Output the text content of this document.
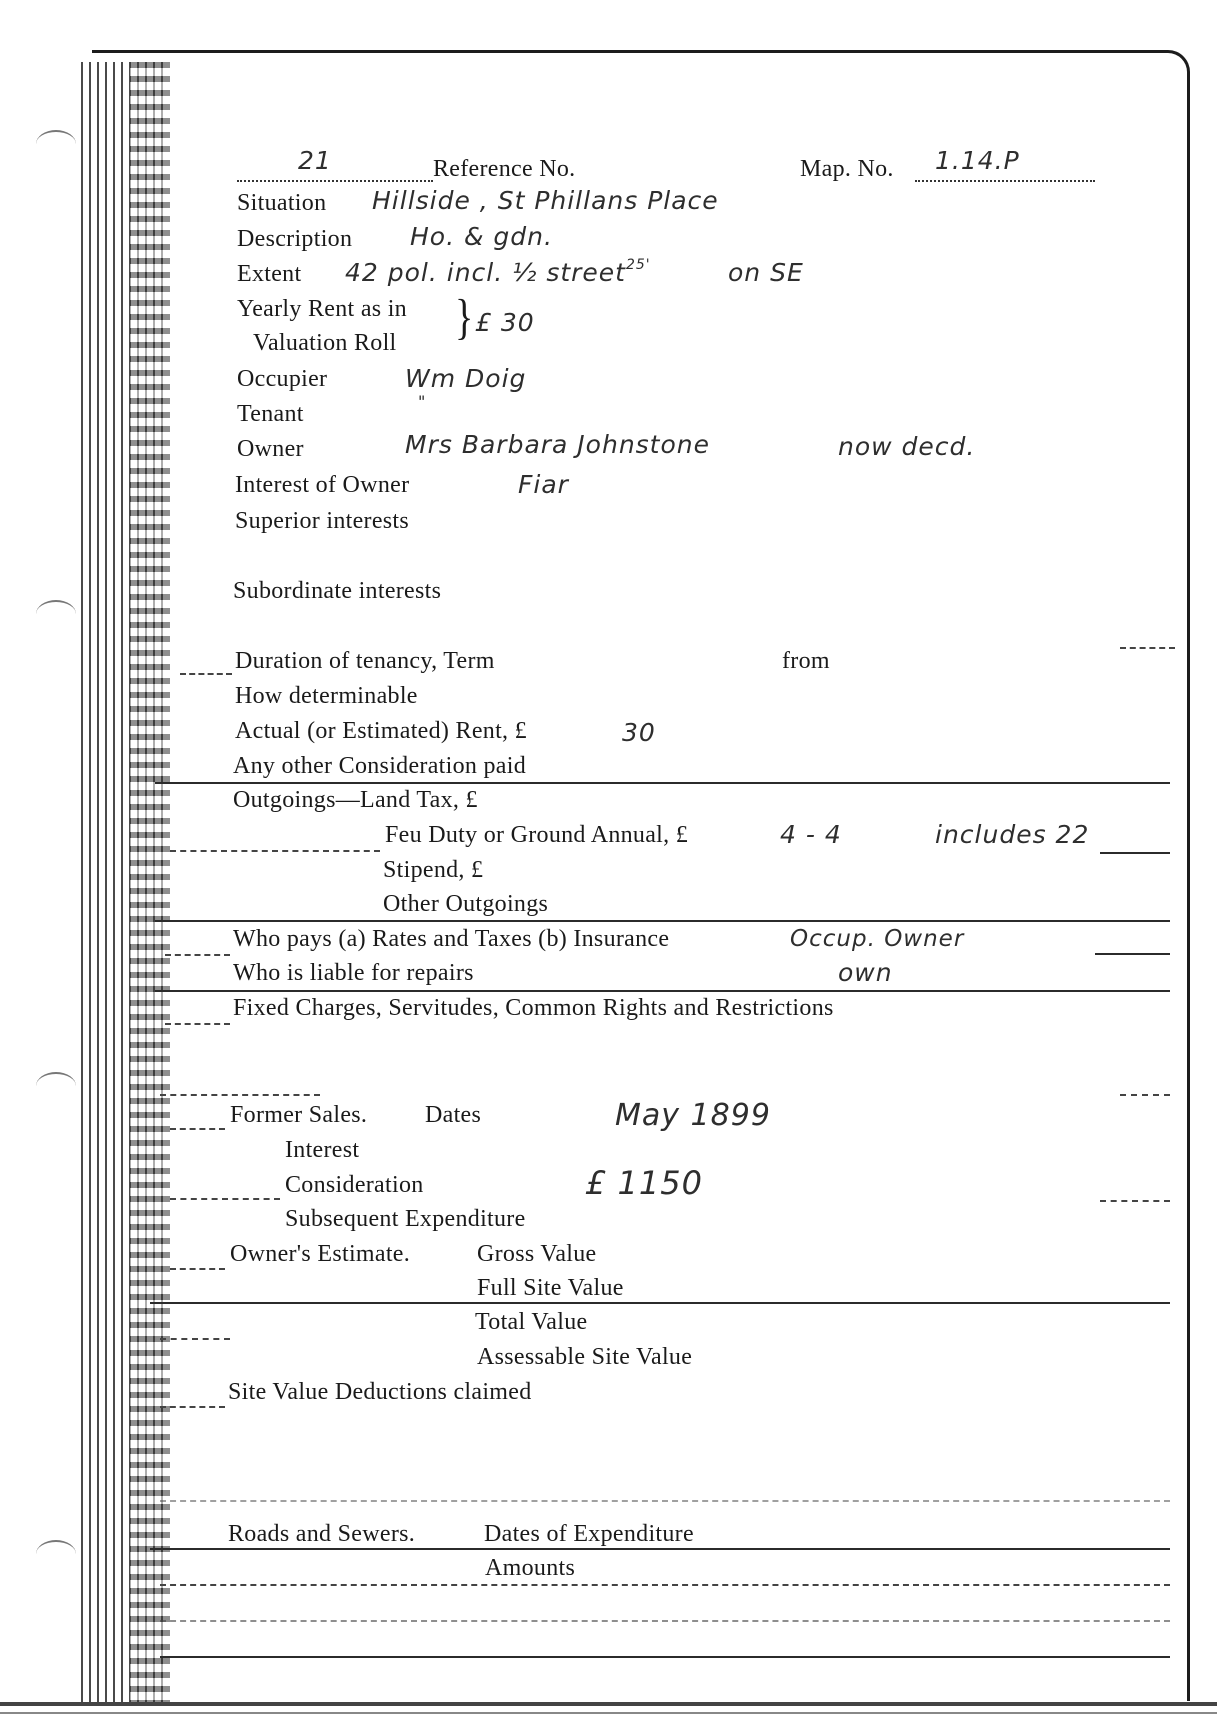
21	Reference No.	Map. No. 1.14.P
Situation Hillside , St Phillans Place
Description Ho. & gdn.
Extent 42 pol. incl. ½ street$^{25'}$	on SE
Yearly Rent as in
Valuation Roll } £ 30
Occupier	Wm Doig
Tenant	"
Owner	Mrs Barbara Johnstone	now decd.
Interest of Owner	Fiar
Superior interests
Subordinate interests
Duration of tenancy, Term	from
How determinable
Actual (or Estimated) Rent, £	30
Any other Consideration paid
Outgoings—Land Tax, £
Feu Duty or Ground Annual, £	4 - 4	includes 22
Stipend, £
Other Outgoings
Who pays (a) Rates and Taxes (b) Insurance	Occup. Owner
Who is liable for repairs	own
Fixed Charges, Servitudes, Common Rights and Restrictions
Former Sales. Dates	May 1899
Interest
Consideration	£ 1150
Subsequent Expenditure
Owner's Estimate.	Gross Value
Full Site Value
Total Value
Assessable Site Value
Site Value Deductions claimed
Roads and Sewers.	Dates of Expenditure
Amounts
